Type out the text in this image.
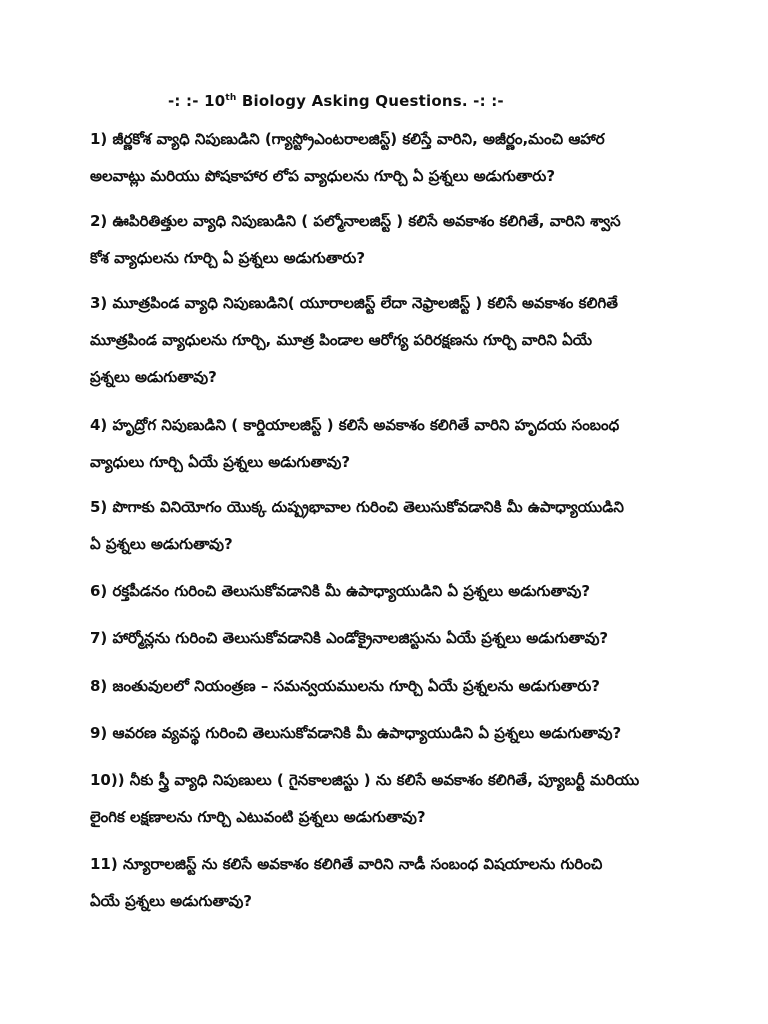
-: :- 10th Biology Asking Questions. -: :-
1) జీర్ణకోశ వ్యాధి నిపుణుడిని (గ్యాస్ట్రోఎంటరాలజిస్ట్) కలిస్తే వారిని, అజీర్ణం,మంచి ఆహార
అలవాట్లు మరియు పోషకాహార లోప వ్యాధులను గూర్చి ఏ ప్రశ్నలు అడుగుతారు?
2) ఊపిరితిత్తుల వ్యాధి నిపుణుడిని ( పల్మోనాలజిస్ట్ ) కలిసే అవకాశం కలిగితే, వారిని శ్వాస
కోశ వ్యాధులను గూర్చి ఏ ప్రశ్నలు అడుగుతారు?
3) మూత్రపిండ వ్యాధి నిపుణుడిని( యూరాలజిస్ట్ లేదా నెఫ్రాలజిస్ట్ ) కలిసే అవకాశం కలిగితే
మూత్రపిండ వ్యాధులను గూర్చి, మూత్ర పిండాల ఆరోగ్య పరిరక్షణను గూర్చి వారిని ఏయే
ప్రశ్నలు అడుగుతావు?
4) హృద్రోగ నిపుణుడిని ( కార్డియాలజిస్ట్ ) కలిసే అవకాశం కలిగితే వారిని హృదయ సంబంధ
వ్యాధులు గూర్చి ఏయే ప్రశ్నలు అడుగుతావు?
5) పొగాకు వినియోగం యొక్క దుష్ప్రభావాల గురించి తెలుసుకోవడానికి మీ ఉపాధ్యాయుడిని
ఏ ప్రశ్నలు అడుగుతావు?
6) రక్తపీడనం గురించి తెలుసుకోవడానికి మీ ఉపాధ్యాయుడిని ఏ ప్రశ్నలు అడుగుతావు?
7) హార్మోన్లను గురించి తెలుసుకోవడానికి ఎండోక్రైనాలజిస్టును ఏయే ప్రశ్నలు అడుగుతావు?
8) జంతువులలో నియంత్రణ – సమన్వయములను గూర్చి ఏయే ప్రశ్నలను అడుగుతారు?
9) ఆవరణ వ్యవస్థ గురించి తెలుసుకోవడానికి మీ ఉపాధ్యాయుడిని ఏ ప్రశ్నలు అడుగుతావు?
10)) నీకు స్త్రీ వ్యాధి నిపుణులు ( గైనకాలజిస్టు ) ను కలిసే అవకాశం కలిగితే, ప్యూబర్టీ మరియు
లైంగిక లక్షణాలను గూర్చి ఎటువంటి ప్రశ్నలు అడుగుతావు?
11) న్యూరాలజిస్ట్ ను కలిసే అవకాశం కలిగితే వారిని నాడీ సంబంధ విషయాలను గురించి
ఏయే ప్రశ్నలు అడుగుతావు?
